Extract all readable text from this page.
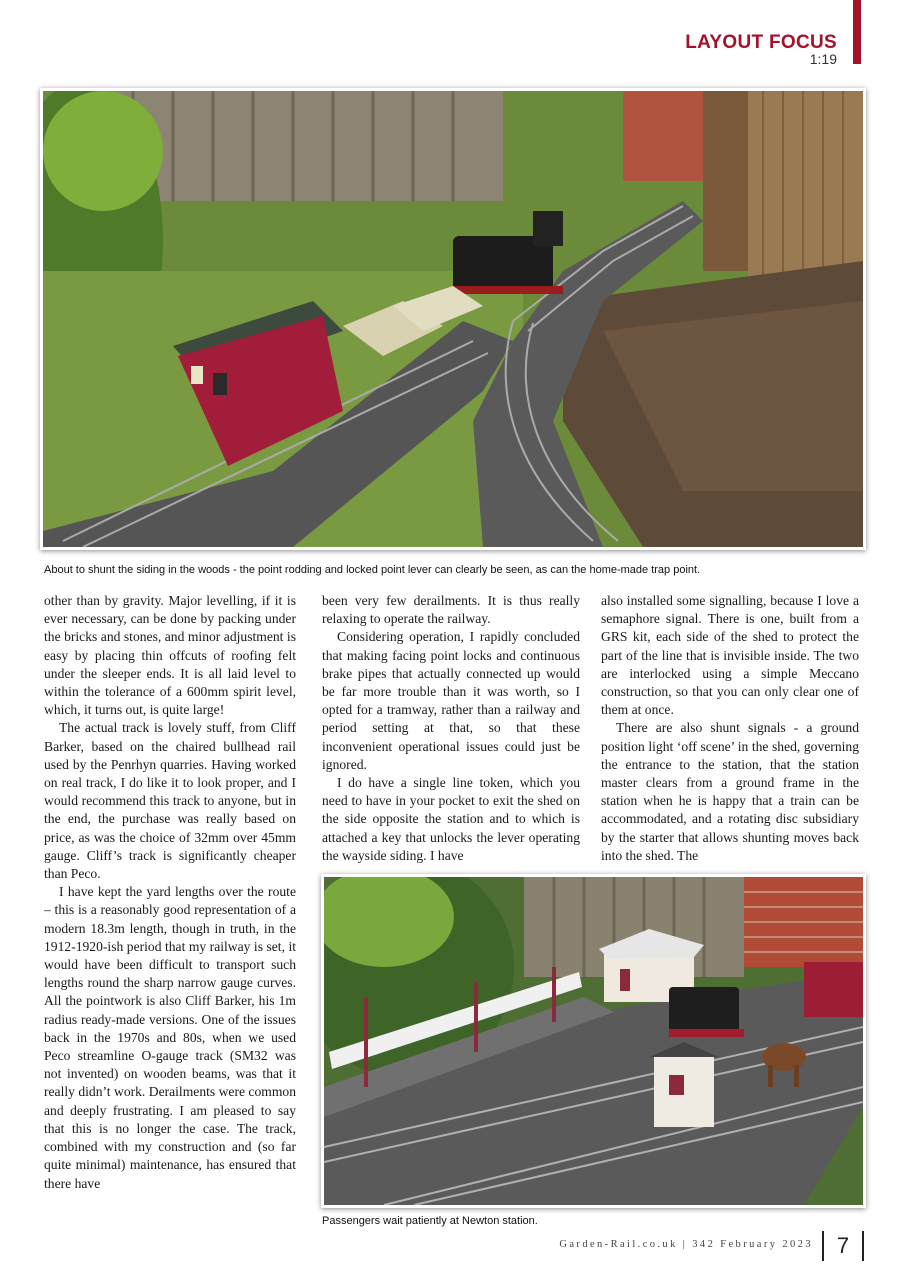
LAYOUT FOCUS
1:19
About to shunt the siding in the woods - the point rodding and locked point lever can clearly be seen, as can the home-made trap point.

other than by gravity. Major levelling, if it is ever necessary, can be done by packing under the bricks and stones, and minor adjustment is easy by placing thin offcuts of roofing felt under the sleeper ends. It is all laid level to within the tolerance of a 600mm spirit level, which, it turns out, is quite large!

The actual track is lovely stuff, from Cliff Barker, based on the chaired bullhead rail used by the Penrhyn quarries. Having worked on real track, I do like it to look proper, and I would recommend this track to anyone, but in the end, the purchase was really based on price, as was the choice of 32mm over 45mm gauge. Cliff’s track is significantly cheaper than Peco.

I have kept the yard lengths over the route – this is a reasonably good representation of a modern 18.3m length, though in truth, in the 1912-1920-ish period that my railway is set, it would have been difficult to transport such lengths round the sharp narrow gauge curves. All the pointwork is also Cliff Barker, his 1m radius ready-made versions. One of the issues back in the 1970s and 80s, when we used Peco streamline O-gauge track (SM32 was not invented) on wooden beams, was that it really didn’t work. Derailments were common and deeply frustrating. I am pleased to say that this is no longer the case. The track, combined with my construction and (so far quite minimal) maintenance, has ensured that there have

been very few derailments. It is thus really relaxing to operate the railway.

Considering operation, I rapidly concluded that making facing point locks and continuous brake pipes that actually connected up would be far more trouble than it was worth, so I opted for a tramway, rather than a railway and period setting at that, so that these inconvenient operational issues could just be ignored.

I do have a single line token, which you need to have in your pocket to exit the shed on the side opposite the station and to which is attached a key that unlocks the lever operating the wayside siding. I have

also installed some signalling, because I love a semaphore signal. There is one, built from a GRS kit, each side of the shed to protect the part of the line that is invisible inside. The two are interlocked using a simple Meccano construction, so that you can only clear one of them at once.

There are also shunt signals - a ground position light ‘off scene’ in the shed, governing the entrance to the station, that the station master clears from a ground frame in the station when he is happy that a train can be accommodated, and a rotating disc subsidiary by the starter that allows shunting moves back into the shed. The

Passengers wait patiently at Newton station.
Garden-Rail.co.uk | 342 February 2023	7
